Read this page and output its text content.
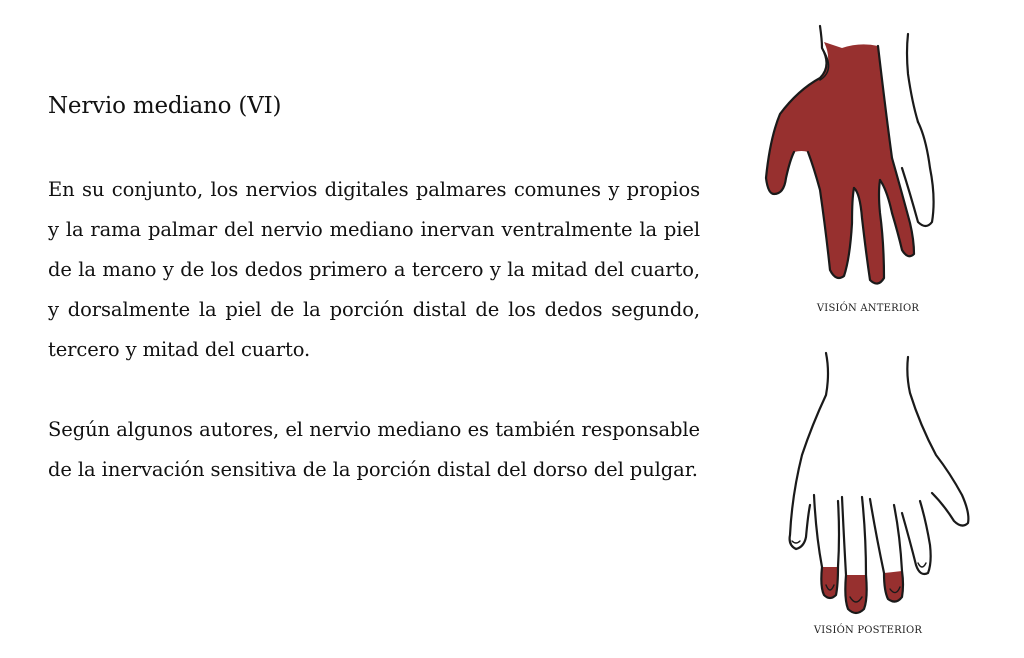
Nervio mediano (VI)

En su conjunto, los nervios digitales palmares comunes y propios y la rama palmar del nervio mediano inervan ventralmente la piel de la mano y de los dedos primero a tercero y la mitad del cuarto, y dorsalmente la piel de la porción distal de los dedos segundo, tercero y mitad del cuarto.

Según algunos autores, el nervio mediano es también responsable de la inervación sensitiva de la porción distal del dorso del pulgar.

VISIÓN ANTERIOR
VISIÓN POSTERIOR
